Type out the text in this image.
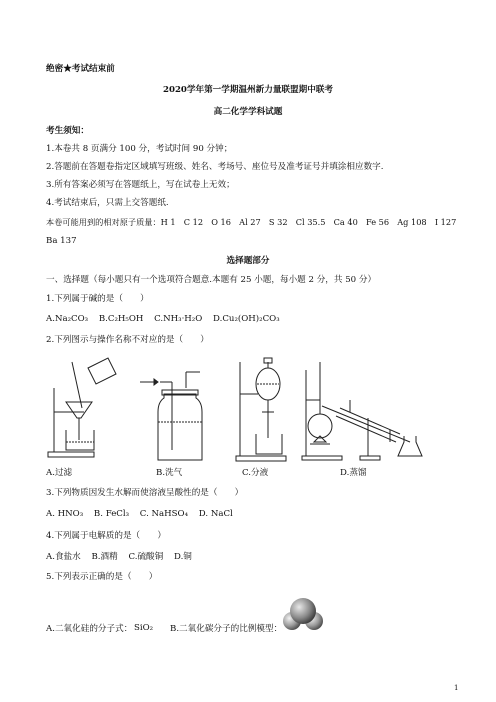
绝密★考试结束前
2020学年第一学期温州新力量联盟期中联考
高二化学学科试题
考生须知：
1.本卷共 8 页满分 100 分，考试时间 90 分钟；
2.答题前在答题卷指定区域填写班级、姓名、考场号、座位号及准考证号并填涂相应数字.
3.所有答案必须写在答题纸上，写在试卷上无效；
4.考试结束后，只需上交答题纸.
本卷可能用到的相对原子质量：H 1　C 12　O 16　Al 27　S 32　Cl 35.5　Ca 40　Fe 56　Ag 108　I 127
Ba 137
选择题部分
一、选择题（每小题只有一个选项符合题意.本题有 25 小题，每小题 2 分，共 50 分）
1.下列属于碱的是（　　）
A.Na₂CO₃ B.C₂H₅OH C.NH₃·H₂O D.Cu₂(OH)₂CO₃
2.下列图示与操作名称不对应的是（　　）
A.过滤	B.洗气	C.分液	D.蒸馏
3.下列物质因发生水解而使溶液呈酸性的是（　　）
A. HNO₃ B. FeCl₃ C. NaHSO₄ D. NaCl
4.下列属于电解质的是（　　）
A.食盐水 B.酒精 C.硫酸铜 D.铜
5.下列表示正确的是（　　）
A.二氧化硅的分子式： SiO₂ B.二氧化碳分子的比例模型：
1
